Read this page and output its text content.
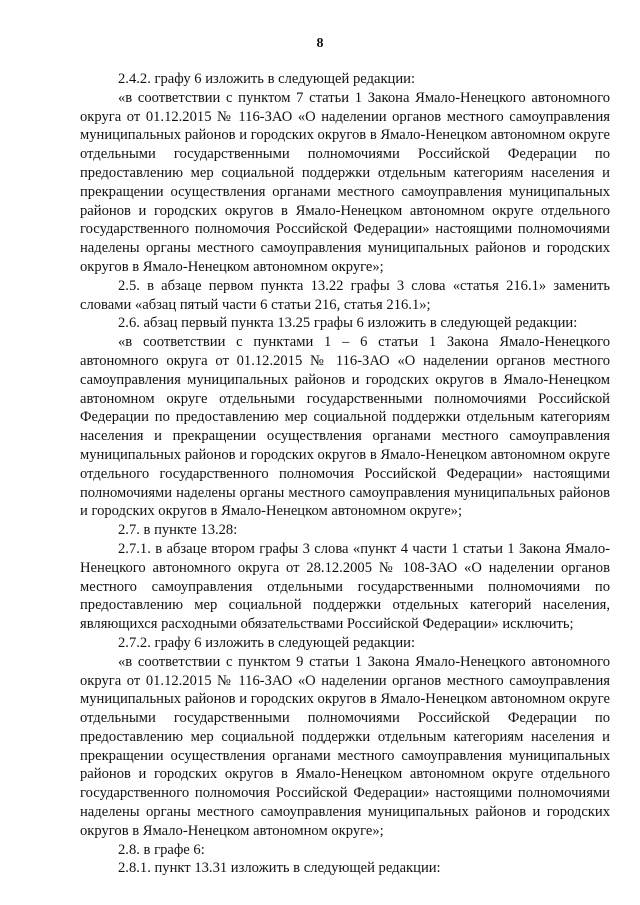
8

2.4.2. графу 6 изложить в следующей редакции:

«в соответствии с пунктом 7 статьи 1 Закона Ямало-Ненецкого автономного округа от 01.12.2015 № 116-ЗАО «О наделении органов местного самоуправления муниципальных районов и городских округов в Ямало-Ненецком автономном округе отдельными государственными полномочиями Российской Федерации по предоставлению мер социальной поддержки отдельным категориям населения и прекращении осуществления органами местного самоуправления муниципальных районов и городских округов в Ямало-Ненецком автономном округе отдельного государственного полномочия Российской Федерации» настоящими полномочиями наделены органы местного самоуправления муниципальных районов и городских округов в Ямало-Ненецком автономном округе»;

2.5. в абзаце первом пункта 13.22 графы 3 слова «статья 216.1» заменить словами «абзац пятый части 6 статьи 216, статья 216.1»;

2.6. абзац первый пункта 13.25 графы 6 изложить в следующей редакции:

«в соответствии с пунктами 1 – 6 статьи 1 Закона Ямало-Ненецкого автономного округа от 01.12.2015 № 116-ЗАО «О наделении органов местного самоуправления муниципальных районов и городских округов в Ямало-Ненецком автономном округе отдельными государственными полномочиями Российской Федерации по предоставлению мер социальной поддержки отдельным категориям населения и прекращении осуществления органами местного самоуправления муниципальных районов и городских округов в Ямало-Ненецком автономном округе отдельного государственного полномочия Российской Федерации» настоящими полномочиями наделены органы местного самоуправления муниципальных районов и городских округов в Ямало-Ненецком автономном округе»;

2.7. в пункте 13.28:

2.7.1. в абзаце втором графы 3 слова «пункт 4 части 1 статьи 1 Закона Ямало-Ненецкого автономного округа от 28.12.2005 № 108-ЗАО «О наделении органов местного самоуправления отдельными государственными полномочиями по предоставлению мер социальной поддержки отдельных категорий населения, являющихся расходными обязательствами Российской Федерации» исключить;

2.7.2. графу 6 изложить в следующей редакции:

«в соответствии с пунктом 9 статьи 1 Закона Ямало-Ненецкого автономного округа от 01.12.2015 № 116-ЗАО «О наделении органов местного самоуправления муниципальных районов и городских округов в Ямало-Ненецком автономном округе отдельными государственными полномочиями Российской Федерации по предоставлению мер социальной поддержки отдельным категориям населения и прекращении осуществления органами местного самоуправления муниципальных районов и городских округов в Ямало-Ненецком автономном округе отдельного государственного полномочия Российской Федерации» настоящими полномочиями наделены органы местного самоуправления муниципальных районов и городских округов в Ямало-Ненецком автономном округе»;

2.8. в графе 6:

2.8.1. пункт 13.31 изложить в следующей редакции:
